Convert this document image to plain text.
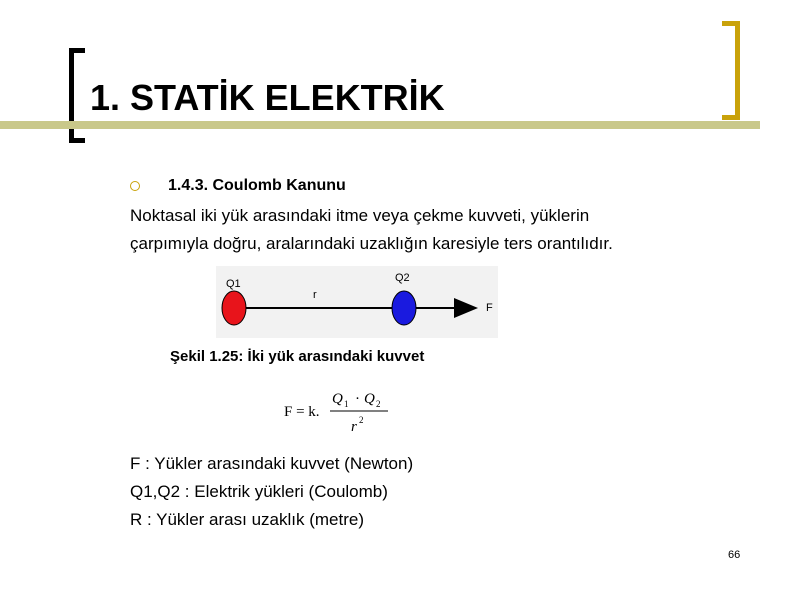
1. STATİK ELEKTRİK
1.4.3. Coulomb Kanunu
Noktasal iki yük arasındaki itme veya çekme kuvveti, yüklerin
çarpımıyla doğru, aralarındaki uzaklığın karesiyle ters orantılıdır.
Q1	Q2
r
F
Şekil 1.25: İki yük arasındaki kuvvet
F = k.
Q 1 · Q 2
r 2
F : Yükler arasındaki kuvvet (Newton)
Q1,Q2 : Elektrik yükleri (Coulomb)
R : Yükler arası uzaklık (metre)
66
